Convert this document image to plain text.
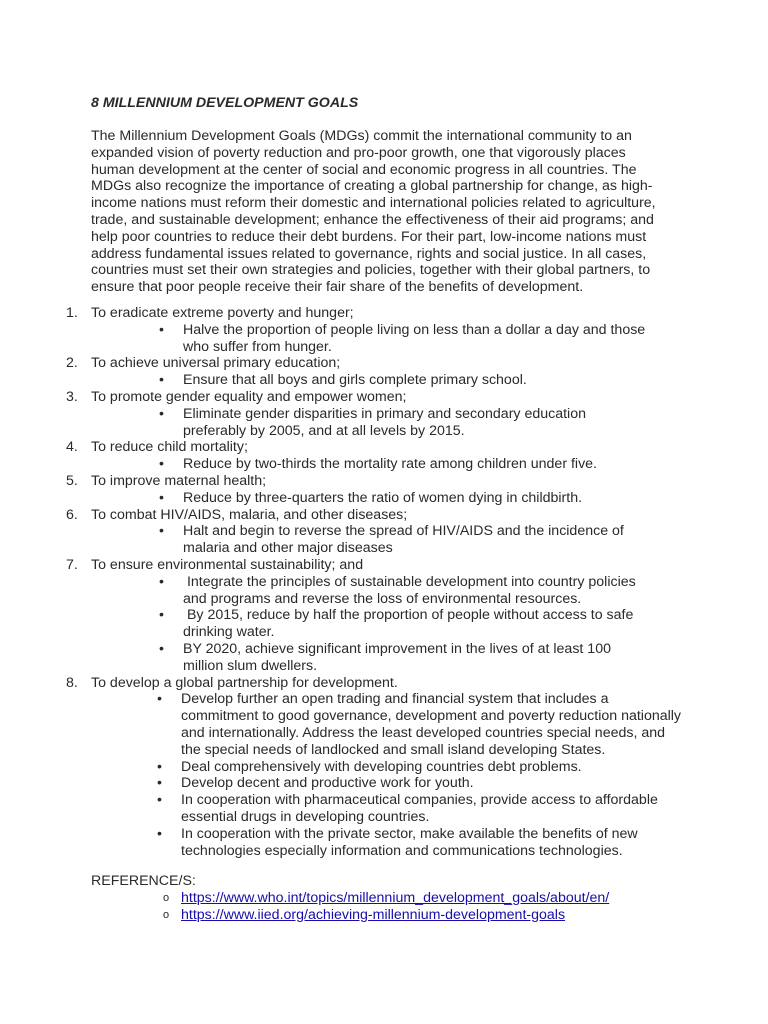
8 MILLENNIUM DEVELOPMENT GOALS

The Millennium Development Goals (MDGs) commit the international community to an expanded vision of poverty reduction and pro-poor growth, one that vigorously places human development at the center of social and economic progress in all countries. The MDGs also recognize the importance of creating a global partnership for change, as high-income nations must reform their domestic and international policies related to agriculture, trade, and sustainable development; enhance the effectiveness of their aid programs; and help poor countries to reduce their debt burdens. For their part, low-income nations must address fundamental issues related to governance, rights and social justice. In all cases, countries must set their own strategies and policies, together with their global partners, to ensure that poor people receive their fair share of the benefits of development.

1. To eradicate extreme poverty and hunger;
• Halve the proportion of people living on less than a dollar a day and those who suffer from hunger.
2. To achieve universal primary education;
• Ensure that all boys and girls complete primary school.
3. To promote gender equality and empower women;
• Eliminate gender disparities in primary and secondary education preferably by 2005, and at all levels by 2015.
4. To reduce child mortality;
• Reduce by two-thirds the mortality rate among children under five.
5. To improve maternal health;
• Reduce by three-quarters the ratio of women dying in childbirth.
6. To combat HIV/AIDS, malaria, and other diseases;
• Halt and begin to reverse the spread of HIV/AIDS and the incidence of malaria and other major diseases
7. To ensure environmental sustainability; and
• Integrate the principles of sustainable development into country policies and programs and reverse the loss of environmental resources.
• By 2015, reduce by half the proportion of people without access to safe drinking water.
• BY 2020, achieve significant improvement in the lives of at least 100 million slum dwellers.
8. To develop a global partnership for development.
• Develop further an open trading and financial system that includes a commitment to good governance, development and poverty reduction nationally and internationally. Address the least developed countries special needs, and the special needs of landlocked and small island developing States.
• Deal comprehensively with developing countries debt problems.
• Develop decent and productive work for youth.
• In cooperation with pharmaceutical companies, provide access to affordable essential drugs in developing countries.
• In cooperation with the private sector, make available the benefits of new technologies especially information and communications technologies.
REFERENCE/S:
o https://www.who.int/topics/millennium_development_goals/about/en/
o https://www.iied.org/achieving-millennium-development-goals
